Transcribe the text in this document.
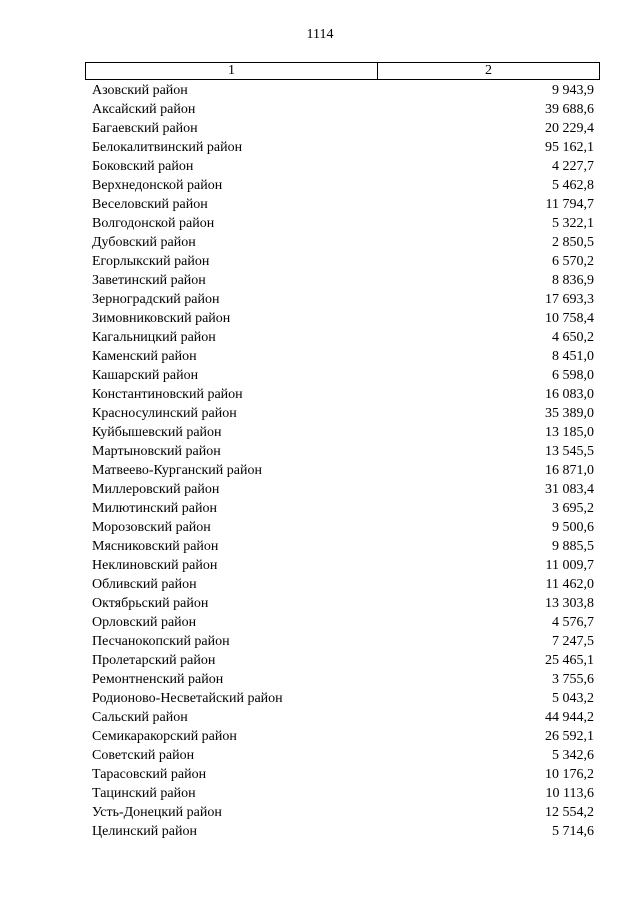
1114
1	2
Азовский район	9 943,9
Аксайский район	39 688,6
Багаевский район	20 229,4
Белокалитвинский район	95 162,1
Боковский район	4 227,7
Верхнедонской район	5 462,8
Веселовский район	11 794,7
Волгодонской район	5 322,1
Дубовский район	2 850,5
Егорлыкский район	6 570,2
Заветинский район	8 836,9
Зерноградский район	17 693,3
Зимовниковский район	10 758,4
Кагальницкий район	4 650,2
Каменский район	8 451,0
Кашарский район	6 598,0
Константиновский район	16 083,0
Красносулинский район	35 389,0
Куйбышевский район	13 185,0
Мартыновский район	13 545,5
Матвеево-Курганский район	16 871,0
Миллеровский район	31 083,4
Милютинский район	3 695,2
Морозовский район	9 500,6
Мясниковский район	9 885,5
Неклиновский район	11 009,7
Обливский район	11 462,0
Октябрьский район	13 303,8
Орловский район	4 576,7
Песчанокопский район	7 247,5
Пролетарский район	25 465,1
Ремонтненский район	3 755,6
Родионово-Несветайский район	5 043,2
Сальский район	44 944,2
Семикаракорский район	26 592,1
Советский район	5 342,6
Тарасовский район	10 176,2
Тацинский район	10 113,6
Усть-Донецкий район	12 554,2
Целинский район	5 714,6
